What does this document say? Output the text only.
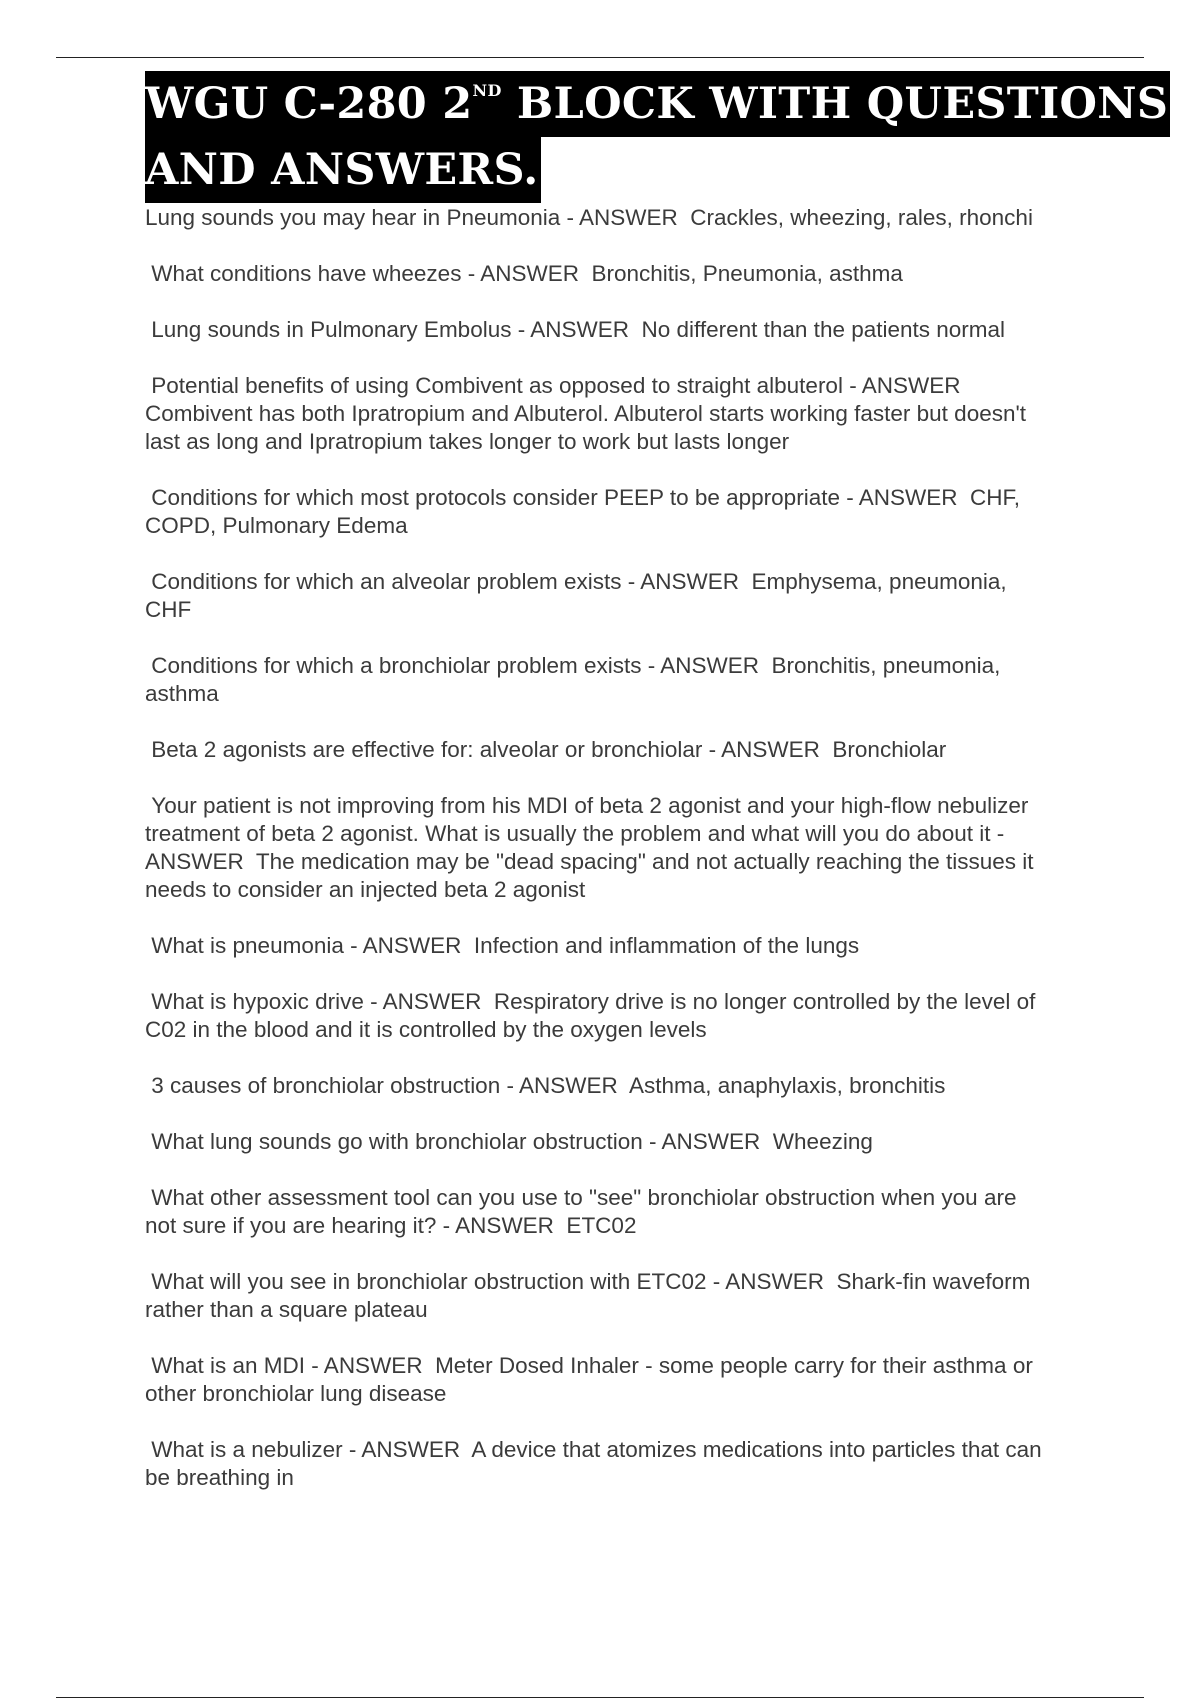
WGU C-280 2ND BLOCK WITH QUESTIONS
AND ANSWERS.

Lung sounds you may hear in Pneumonia - ANSWER  Crackles, wheezing, rales, rhonchi

What conditions have wheezes - ANSWER  Bronchitis, Pneumonia, asthma

Lung sounds in Pulmonary Embolus - ANSWER  No different than the patients normal

Potential benefits of using Combivent as opposed to straight albuterol - ANSWER  Combivent has both Ipratropium and Albuterol. Albuterol starts working faster but doesn't last as long and Ipratropium takes longer to work but lasts longer

Conditions for which most protocols consider PEEP to be appropriate - ANSWER  CHF, COPD, Pulmonary Edema

Conditions for which an alveolar problem exists - ANSWER  Emphysema, pneumonia, CHF

Conditions for which a bronchiolar problem exists - ANSWER  Bronchitis, pneumonia, asthma

Beta 2 agonists are effective for: alveolar or bronchiolar - ANSWER  Bronchiolar

Your patient is not improving from his MDI of beta 2 agonist and your high-flow nebulizer treatment of beta 2 agonist. What is usually the problem and what will you do about it - ANSWER  The medication may be "dead spacing" and not actually reaching the tissues it needs to consider an injected beta 2 agonist

What is pneumonia - ANSWER  Infection and inflammation of the lungs

What is hypoxic drive - ANSWER  Respiratory drive is no longer controlled by the level of C02 in the blood and it is controlled by the oxygen levels

3 causes of bronchiolar obstruction - ANSWER  Asthma, anaphylaxis, bronchitis

What lung sounds go with bronchiolar obstruction - ANSWER  Wheezing

What other assessment tool can you use to "see" bronchiolar obstruction when you are not sure if you are hearing it? - ANSWER  ETC02

What will you see in bronchiolar obstruction with ETC02 - ANSWER  Shark-fin waveform rather than a square plateau

What is an MDI - ANSWER  Meter Dosed Inhaler - some people carry for their asthma or other bronchiolar lung disease

What is a nebulizer - ANSWER  A device that atomizes medications into particles that can be breathing in
